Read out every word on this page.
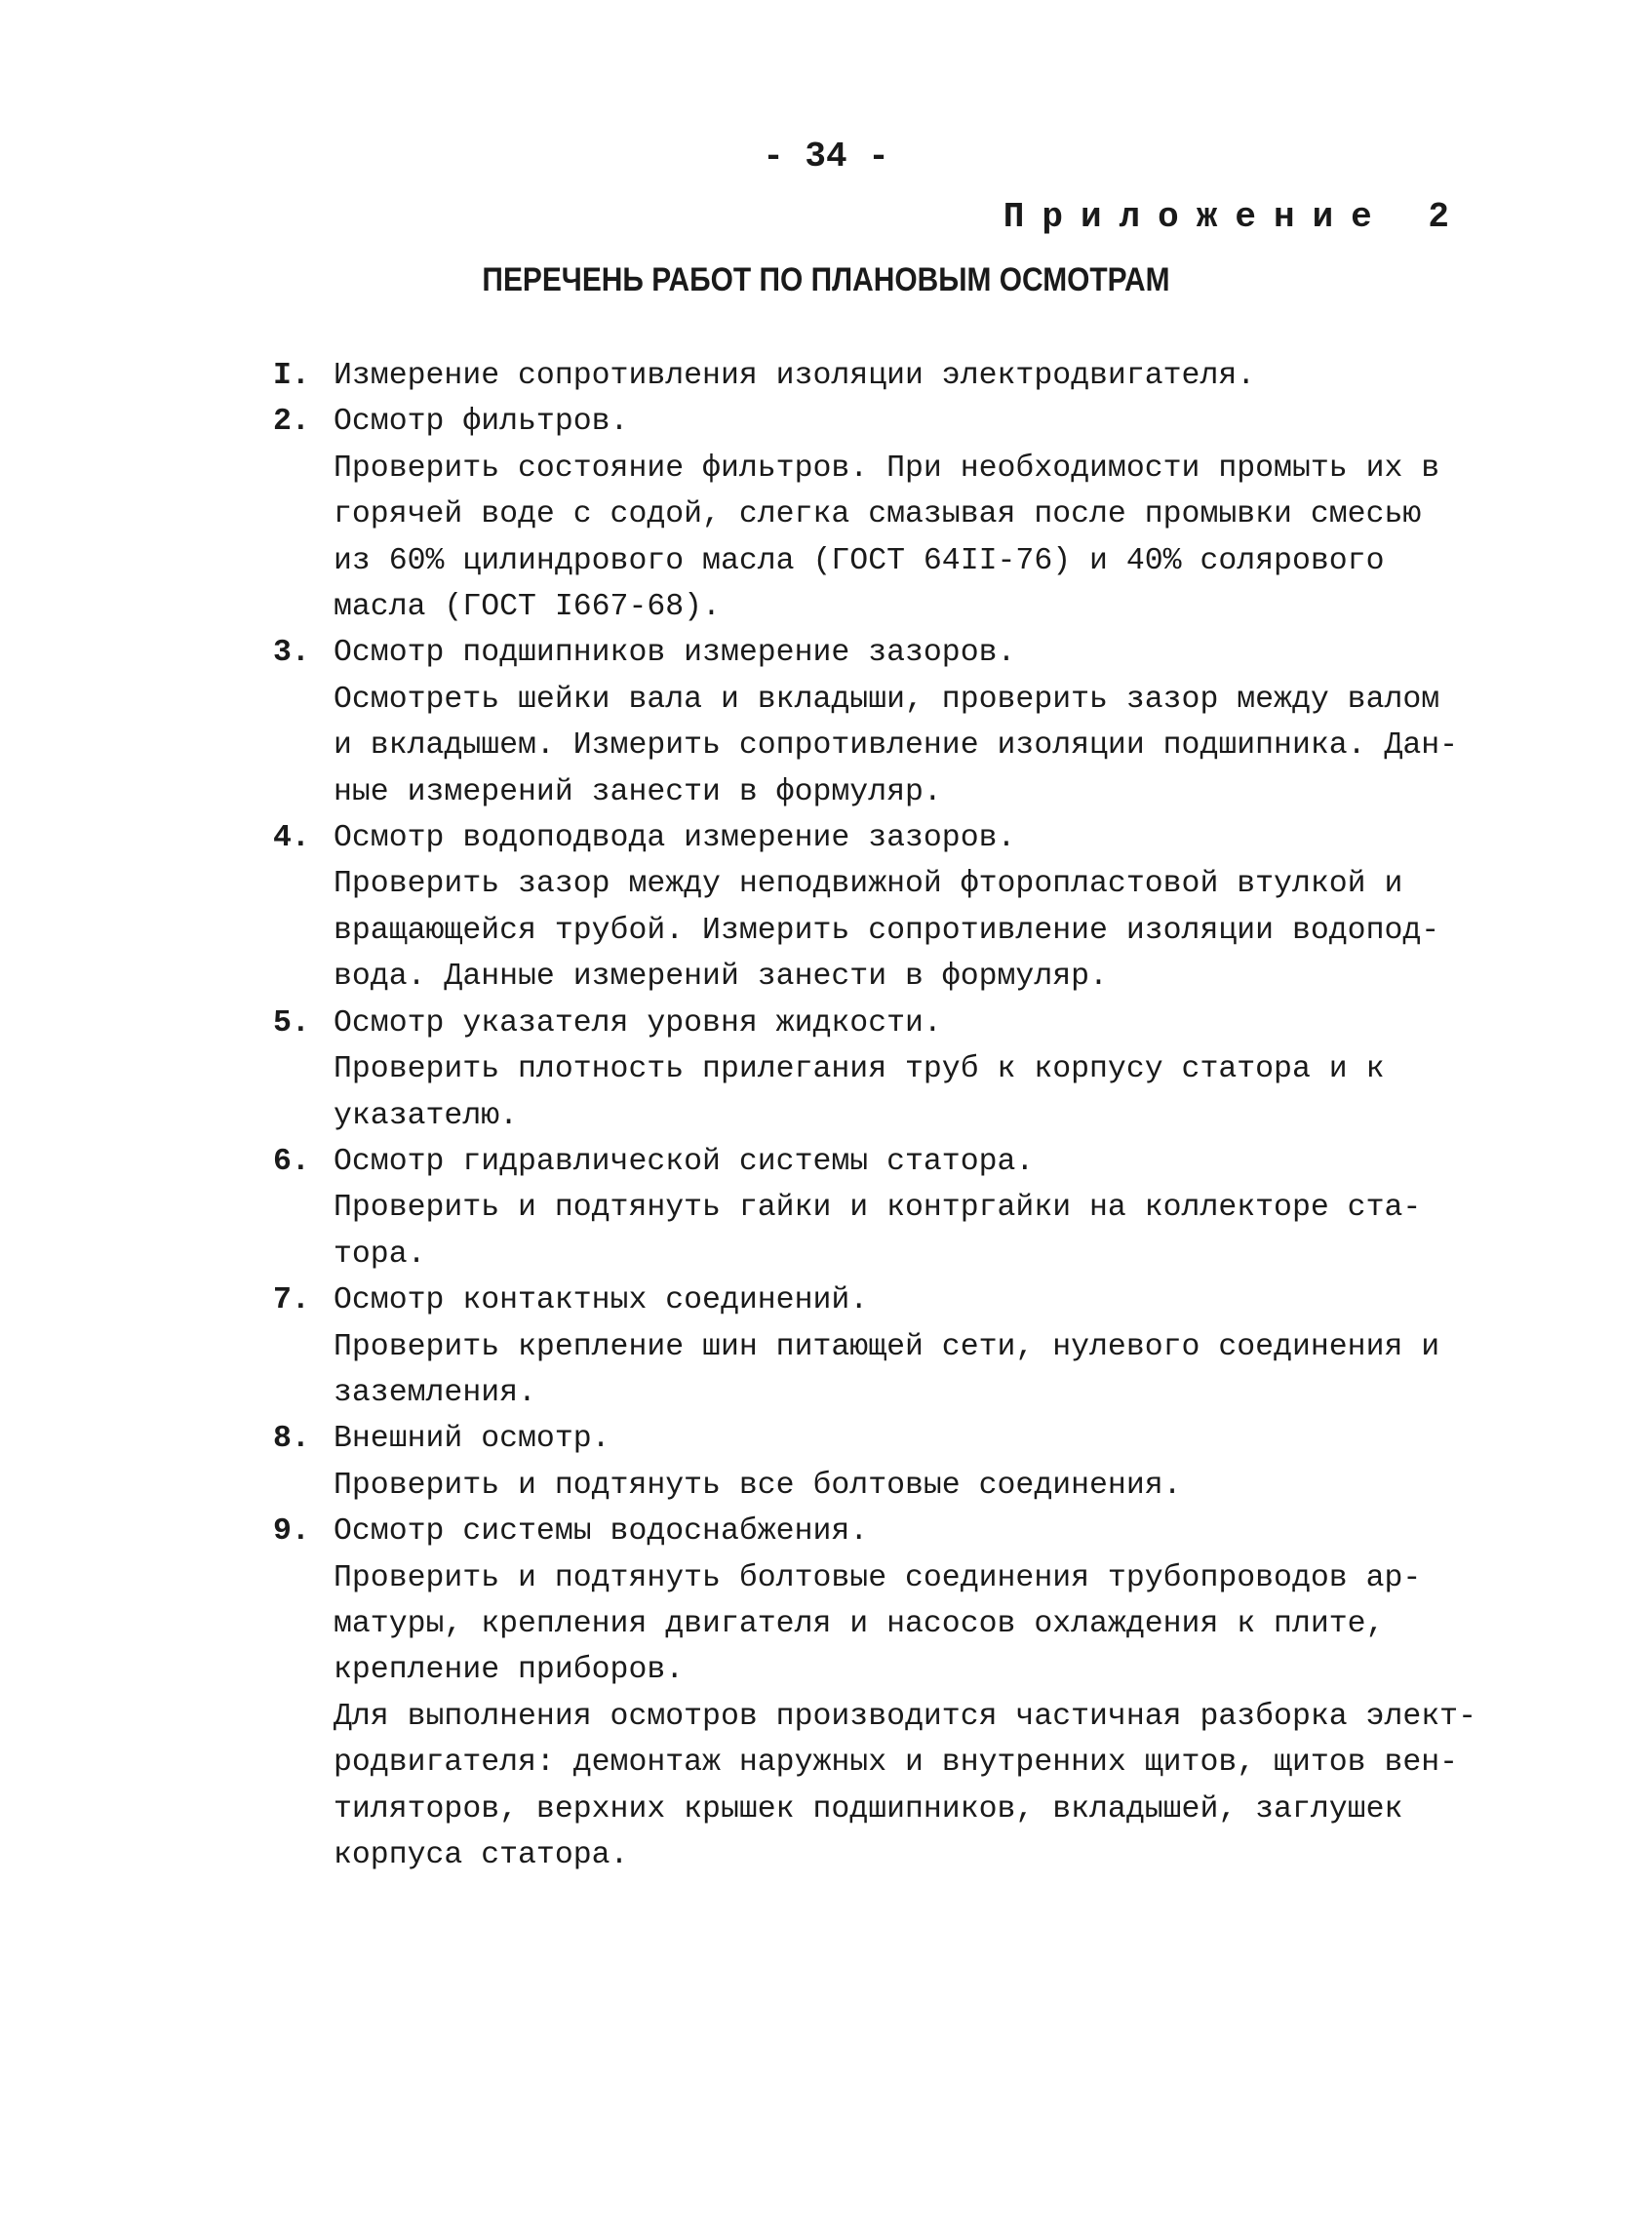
- 34 -
Приложение 2
ПЕРЕЧЕНЬ РАБОТ ПО ПЛАНОВЫМ ОСМОТРАМ
I. Измерение сопротивления изоляции электродвигателя.
2. Осмотр фильтров.
Проверить состояние фильтров. При необходимости промыть их в
горячей воде с содой, слегка смазывая после промывки смесью
из 60% цилиндрового масла (ГОСТ 64II-76) и 40% солярового
масла (ГОСТ I667-68).
3. Осмотр подшипников измерение зазоров.
Осмотреть шейки вала и вкладыши, проверить зазор между валом
и вкладышем. Измерить сопротивление изоляции подшипника. Дан-
ные измерений занести в формуляр.
4. Осмотр водоподвода измерение зазоров.
Проверить зазор между неподвижной фторопластовой втулкой и
вращающейся трубой. Измерить сопротивление изоляции водопод-
вода. Данные измерений занести в формуляр.
5. Осмотр указателя уровня жидкости.
Проверить плотность прилегания труб к корпусу статора и к
указателю.
6. Осмотр гидравлической системы статора.
Проверить и подтянуть гайки и контргайки на коллекторе ста-
тора.
7. Осмотр контактных соединений.
Проверить крепление шин питающей сети, нулевого соединения и
заземления.
8. Внешний осмотр.
Проверить и подтянуть все болтовые соединения.
9. Осмотр системы водоснабжения.
Проверить и подтянуть болтовые соединения трубопроводов ар-
матуры, крепления двигателя и насосов охлаждения к плите,
крепление приборов.
Для выполнения осмотров производится частичная разборка элект-
родвигателя: демонтаж наружных и внутренних щитов, щитов вен-
тиляторов, верхних крышек подшипников, вкладышей, заглушек
корпуса статора.
